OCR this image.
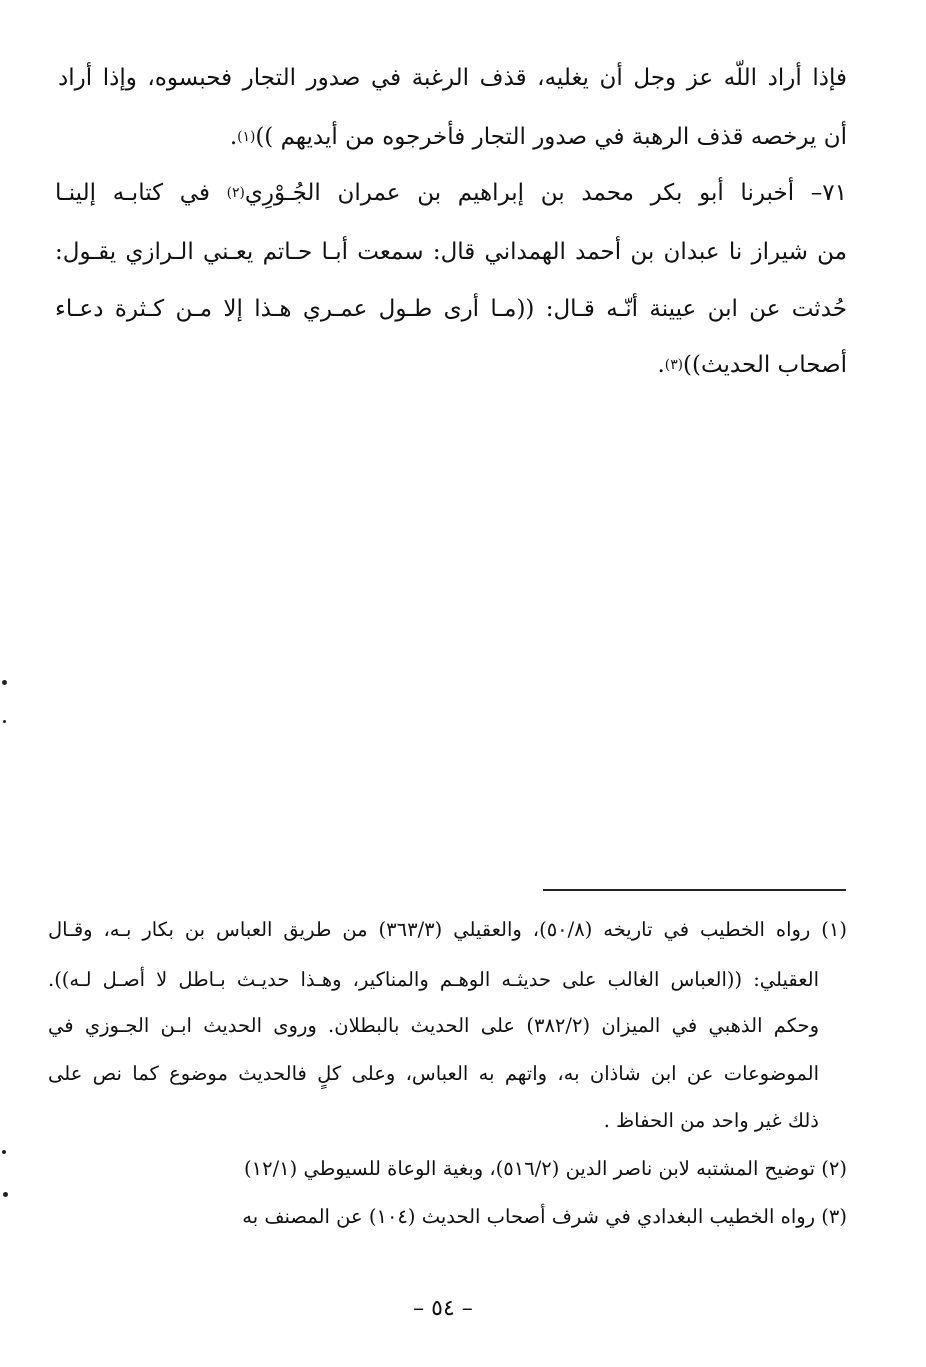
فإذا أراد اللّه عز وجل أن يغليه، قذف الرغبة في صدور التجار فحبسوه، وإذا أراد
أن يرخصه قذف الرهبة في صدور التجار فأخرجوه من أيديهم ))$^{(١)}$.
٧١– أخبرنا أبو بكر محمد بن إبراهيم بن عمران الجُـوْرِي$^{(٢)}$ في كتابـه إلينـا
من شيراز نا عبدان بن أحمد الهمداني قال: سمعت أبـا حـاتم يعـني الـرازي يقـول:
حُدثت عن ابن عيينة أنّـه قـال: ((مـا أرى طـول عمـري هـذا إلا مـن كـثرة دعـاء
أصحاب الحديث))$^{(٣)}$.
(١) رواه الخطيب في تاريخه (٥٠/٨)، والعقيلي (٣٦٣/٣) من طريق العباس بن بكار بـه، وقـال
العقيلي: ((العباس الغالب على حديثـه الوهـم والمناكير، وهـذا حديـث بـاطل لا أصـل لـه)).
وحكم الذهبي في الميزان (٣٨٢/٢) على الحديث بالبطلان. وروى الحديث ابـن الجـوزي في
الموضوعات عن ابن شاذان به، واتهم به العباس، وعلى كلٍ فالحديث موضوع كما نص على
ذلك غير واحد من الحفاظ .
(٢) توضيح المشتبه لابن ناصر الدين (٥١٦/٢)، وبغية الوعاة للسيوطي (١٢/١)
(٣) رواه الخطيب البغدادي في شرف أصحاب الحديث (١٠٤) عن المصنف به
– ٥٤ –
